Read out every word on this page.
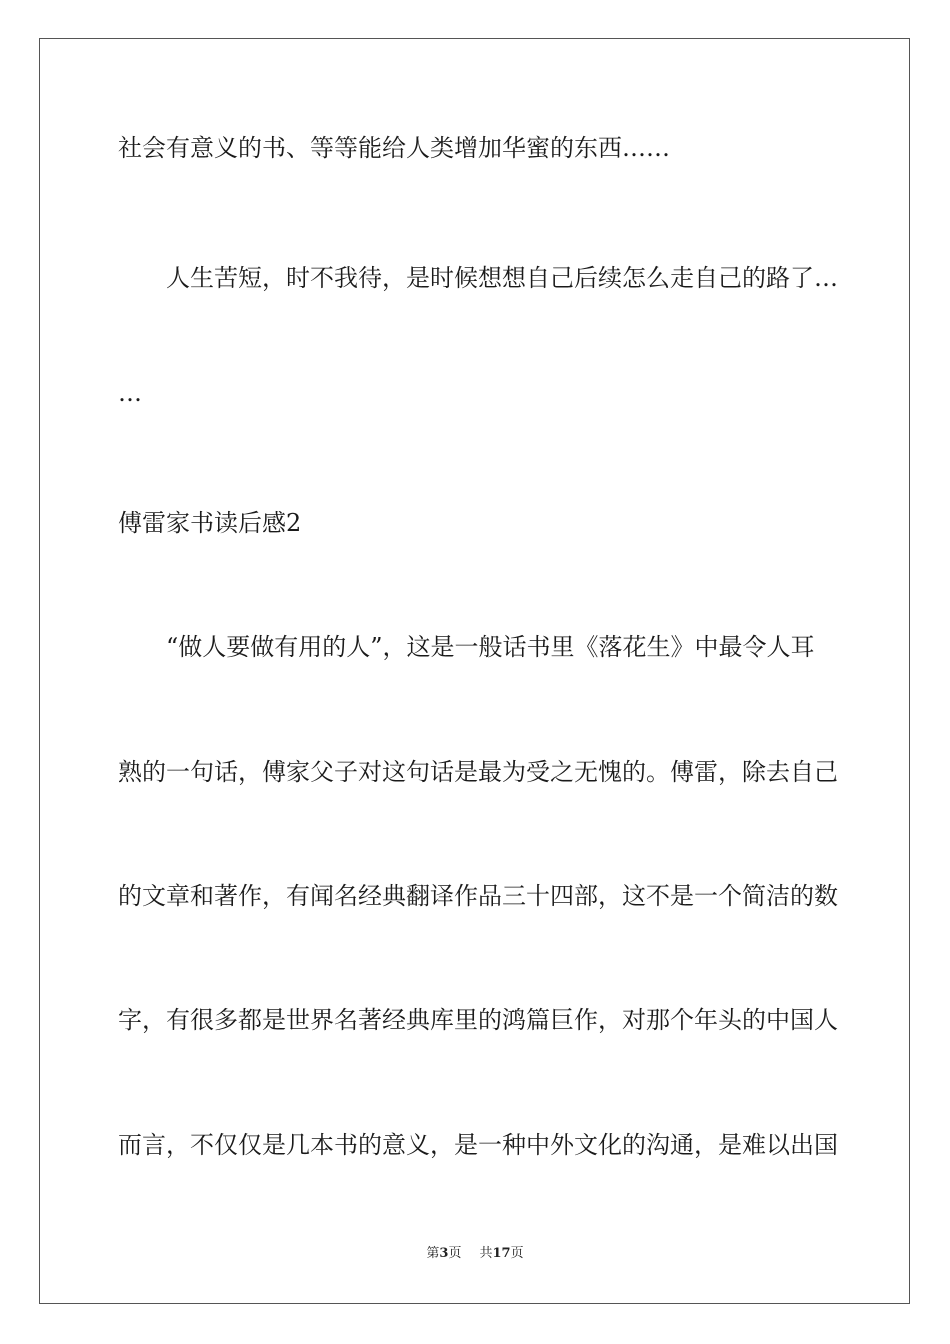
社会有意义的书、等等能给人类增加华蜜的东西……
人生苦短，时不我待，是时候想想自己后续怎么走自己的路了…
…
傅雷家书读后感2
“做人要做有用的人”，这是一般话书里《落花生》中最令人耳
熟的一句话，傅家父子对这句话是最为受之无愧的。傅雷，除去自己
的文章和著作，有闻名经典翻译作品三十四部，这不是一个简洁的数
字，有很多都是世界名著经典库里的鸿篇巨作，对那个年头的中国人
而言，不仅仅是几本书的意义，是一种中外文化的沟通，是难以出国
第3页 共17页
